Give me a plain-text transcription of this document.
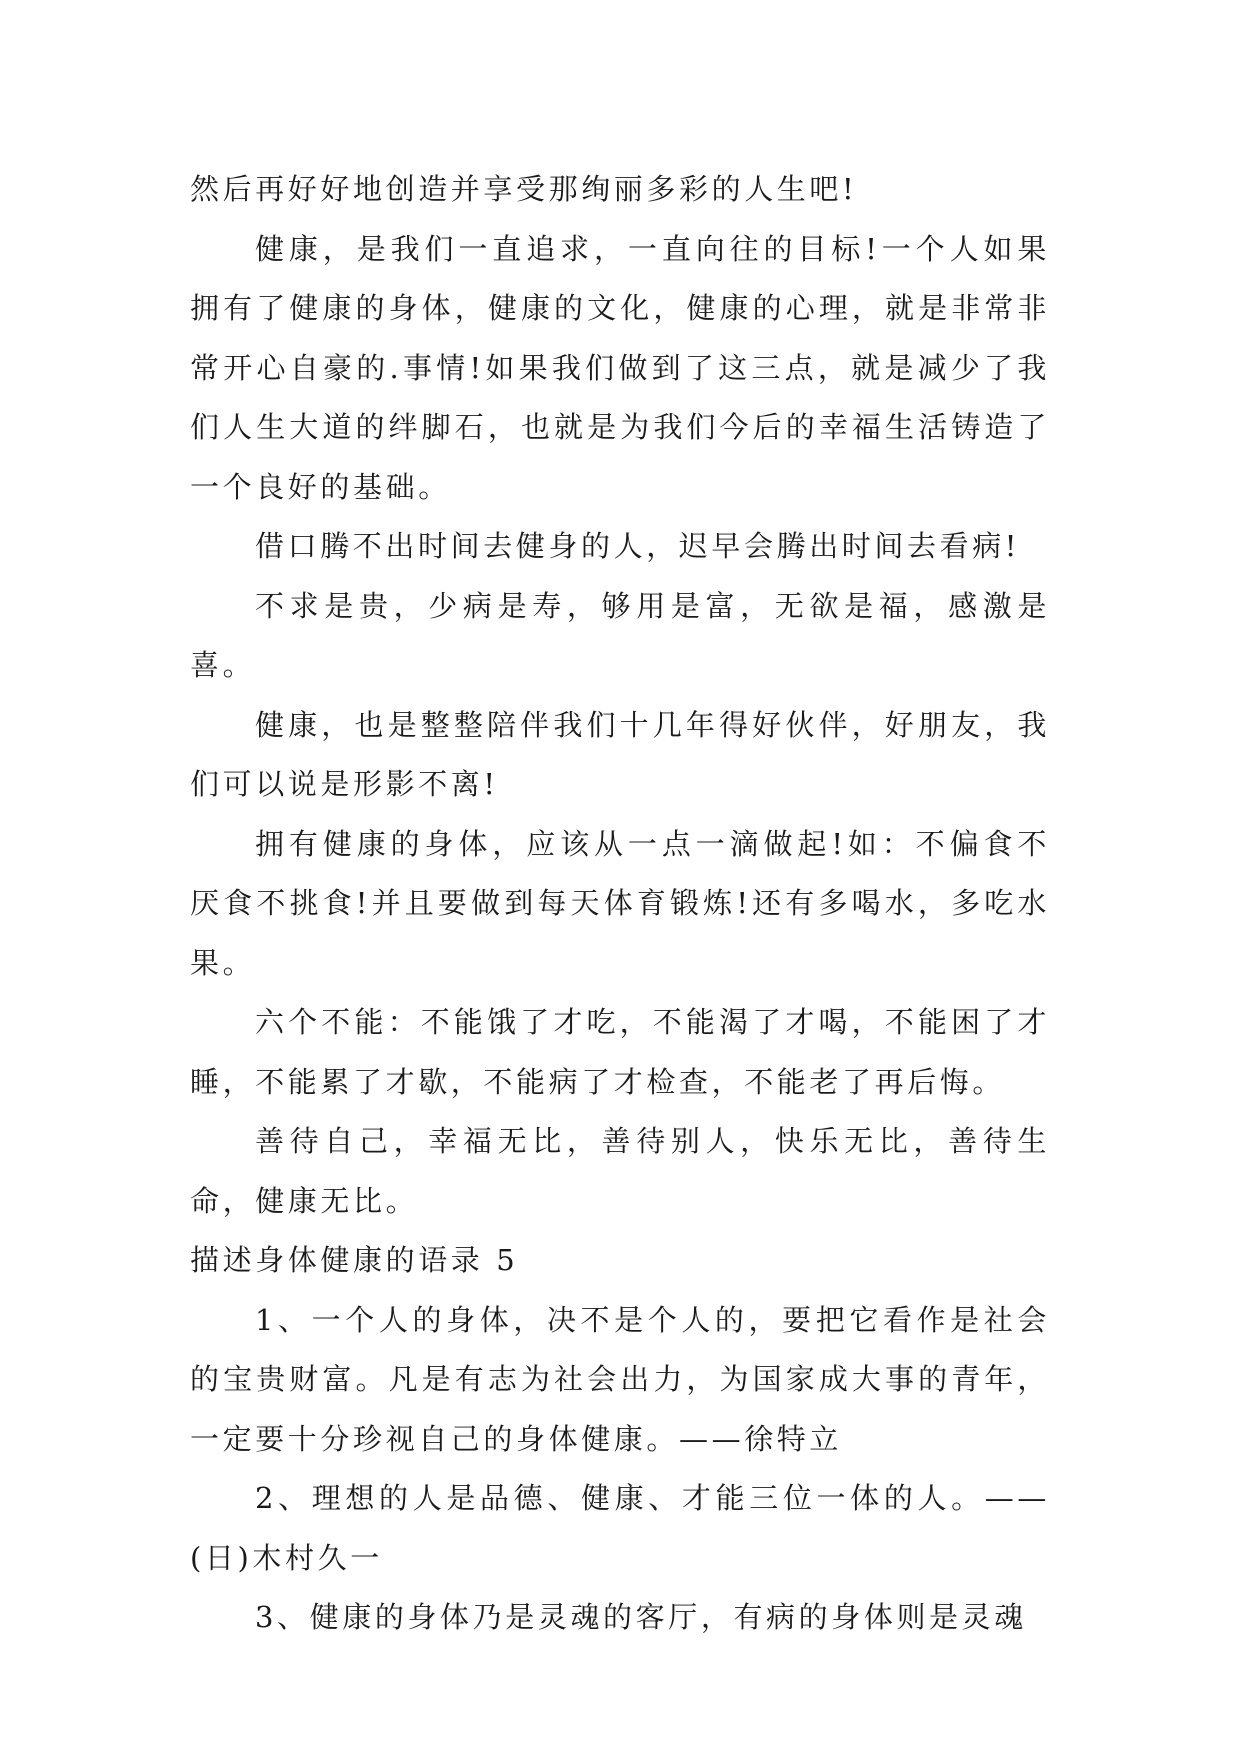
然后再好好地创造并享受那绚丽多彩的人生吧!

健康，是我们一直追求，一直向往的目标!一个人如果拥有了健康的身体，健康的文化，健康的心理，就是非常非常开心自豪的.事情!如果我们做到了这三点，就是减少了我们人生大道的绊脚石，也就是为我们今后的幸福生活铸造了一个良好的基础。

借口腾不出时间去健身的人，迟早会腾出时间去看病!

不求是贵，少病是寿，够用是富，无欲是福，感激是喜。

健康，也是整整陪伴我们十几年得好伙伴，好朋友，我们可以说是形影不离!

拥有健康的身体，应该从一点一滴做起!如：不偏食不厌食不挑食!并且要做到每天体育锻炼!还有多喝水，多吃水果。

六个不能：不能饿了才吃，不能渴了才喝，不能困了才睡，不能累了才歇，不能病了才检查，不能老了再后悔。

善待自己，幸福无比，善待别人，快乐无比，善待生命，健康无比。

描述身体健康的语录 5

1、一个人的身体，决不是个人的，要把它看作是社会的宝贵财富。凡是有志为社会出力，为国家成大事的青年，一定要十分珍视自己的身体健康。——徐特立

2、理想的人是品德、健康、才能三位一体的人。——(日)木村久一

3、健康的身体乃是灵魂的客厅，有病的身体则是灵魂
